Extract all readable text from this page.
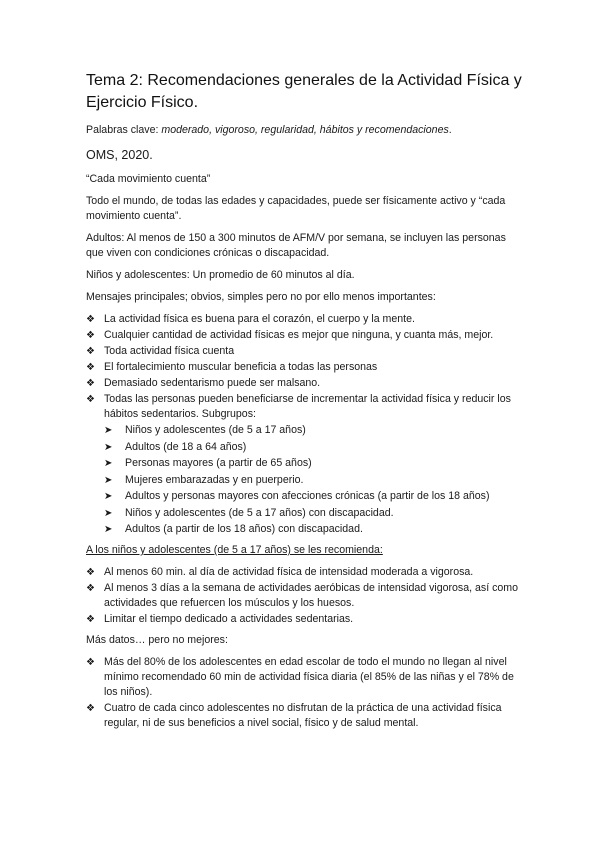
Tema 2: Recomendaciones generales de la Actividad Física y Ejercicio Físico.

Palabras clave: moderado, vigoroso, regularidad, hábitos y recomendaciones.

OMS, 2020.

“Cada movimiento cuenta”

Todo el mundo, de todas las edades y capacidades, puede ser físicamente activo y “cada movimiento cuenta”.

Adultos: Al menos de 150 a 300 minutos de AFM/V por semana, se incluyen las personas que viven con condiciones crónicas o discapacidad.

Niños y adolescentes: Un promedio de 60 minutos al día.

Mensajes principales; obvios, simples pero no por ello menos importantes:

❖ La actividad física es buena para el corazón, el cuerpo y la mente.
❖ Cualquier cantidad de actividad físicas es mejor que ninguna, y cuanta más, mejor.
❖ Toda actividad física cuenta
❖ El fortalecimiento muscular beneficia a todas las personas
❖ Demasiado sedentarismo puede ser malsano.
❖ Todas las personas pueden beneficiarse de incrementar la actividad física y reducir los hábitos sedentarios. Subgrupos:
➤ Niños y adolescentes (de 5 a 17 años)
➤ Adultos (de 18 a 64 años)
➤ Personas mayores (a partir de 65 años)
➤ Mujeres embarazadas y en puerperio.
➤ Adultos y personas mayores con afecciones crónicas (a partir de los 18 años)
➤ Niños y adolescentes (de 5 a 17 años) con discapacidad.
➤ Adultos (a partir de los 18 años) con discapacidad.

A los niños y adolescentes (de 5 a 17 años) se les recomienda:

❖ Al menos 60 min. al día de actividad física de intensidad moderada a vigorosa.
❖ Al menos 3 días a la semana de actividades aeróbicas de intensidad vigorosa, así como actividades que refuercen los músculos y los huesos.
❖ Limitar el tiempo dedicado a actividades sedentarias.

Más datos… pero no mejores:

❖ Más del 80% de los adolescentes en edad escolar de todo el mundo no llegan al nivel mínimo recomendado 60 min de actividad física diaria (el 85% de las niñas y el 78% de los niños).
❖ Cuatro de cada cinco adolescentes no disfrutan de la práctica de una actividad física regular, ni de sus beneficios a nivel social, físico y de salud mental.
